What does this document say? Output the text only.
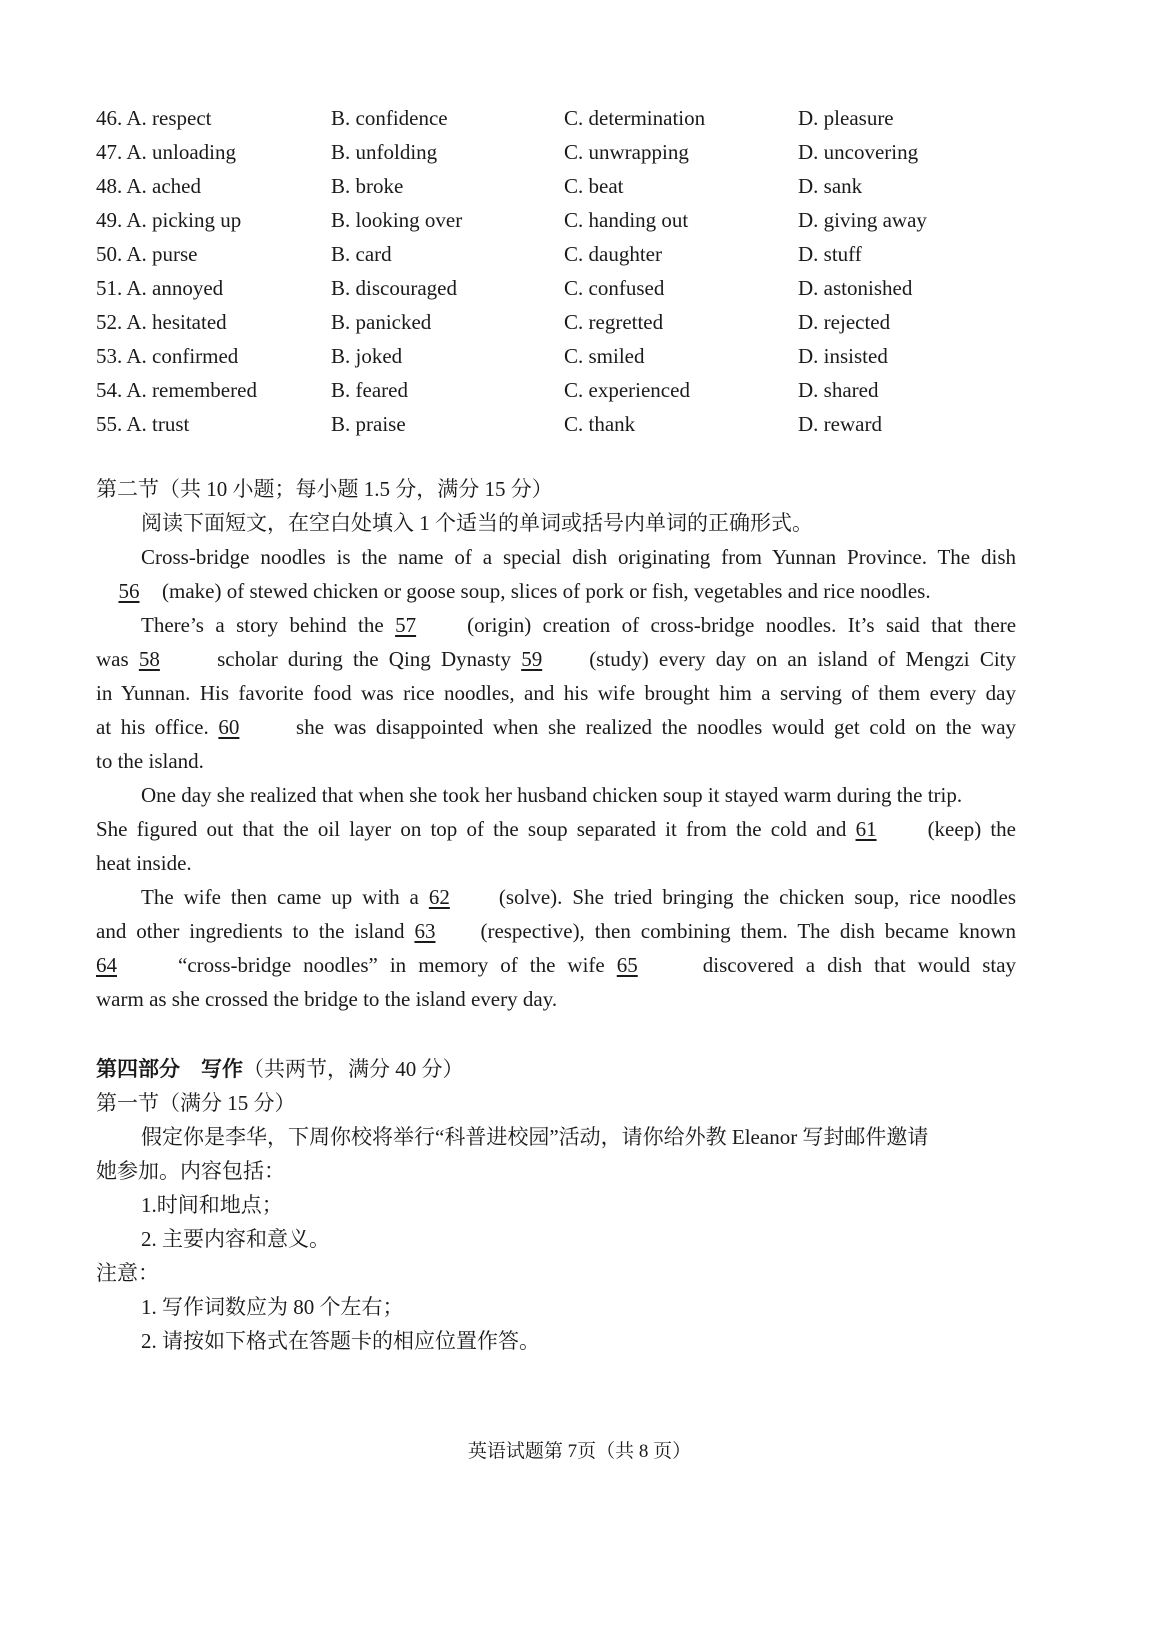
46. A. respect	B. confidence	C. determination	D. pleasure
47. A. unloading	B. unfolding	C. unwrapping	D. uncovering
48. A. ached	B. broke	C. beat	D. sank
49. A. picking up	B. looking over	C. handing out	D. giving away
50. A. purse	B. card	C. daughter	D. stuff
51. A. annoyed	B. discouraged	C. confused	D. astonished
52. A. hesitated	B. panicked	C. regretted	D. rejected
53. A. confirmed	B. joked	C. smiled	D. insisted
54. A. remembered	B. feared	C. experienced	D. shared
55. A. trust	B. praise	C. thank	D. reward
第二节（共 10 小题；每小题 1.5 分，满分 15 分）
阅读下面短文，在空白处填入 1 个适当的单词或括号内单词的正确形式。
Cross-bridge noodles is the name of a special dish originating from Yunnan Province. The dish
56 (make) of stewed chicken or goose soup, slices of pork or fish, vegetables and rice noodles.
There’s a story behind the 57 (origin) creation of cross-bridge noodles. It’s said that there
was 58	scholar during the Qing Dynasty 59 (study) every day on an island of Mengzi City
in Yunnan. His favorite food was rice noodles, and his wife brought him a serving of them every day
at his office. 60	she was disappointed when she realized the noodles would get cold on the way
to the island.
One day she realized that when she took her husband chicken soup it stayed warm during the trip.
She figured out that the oil layer on top of the soup separated it from the cold and 61 (keep) the
heat inside.
The wife then came up with a 62 (solve). She tried bringing the chicken soup, rice noodles
and other ingredients to the island 63 (respective), then combining them. The dish became known
64	“cross-bridge noodles” in memory of the wife 65	discovered a dish that would stay
warm as she crossed the bridge to the island every day.
第四部分　写作（共两节，满分 40 分）
第一节（满分 15 分）
假定你是李华，下周你校将举行“科普进校园”活动，请你给外教 Eleanor 写封邮件邀请
她参加。内容包括：
1.时间和地点；
2. 主要内容和意义。
注意：
1. 写作词数应为 80 个左右；
2. 请按如下格式在答题卡的相应位置作答。
英语试题第 7页（共 8 页）
